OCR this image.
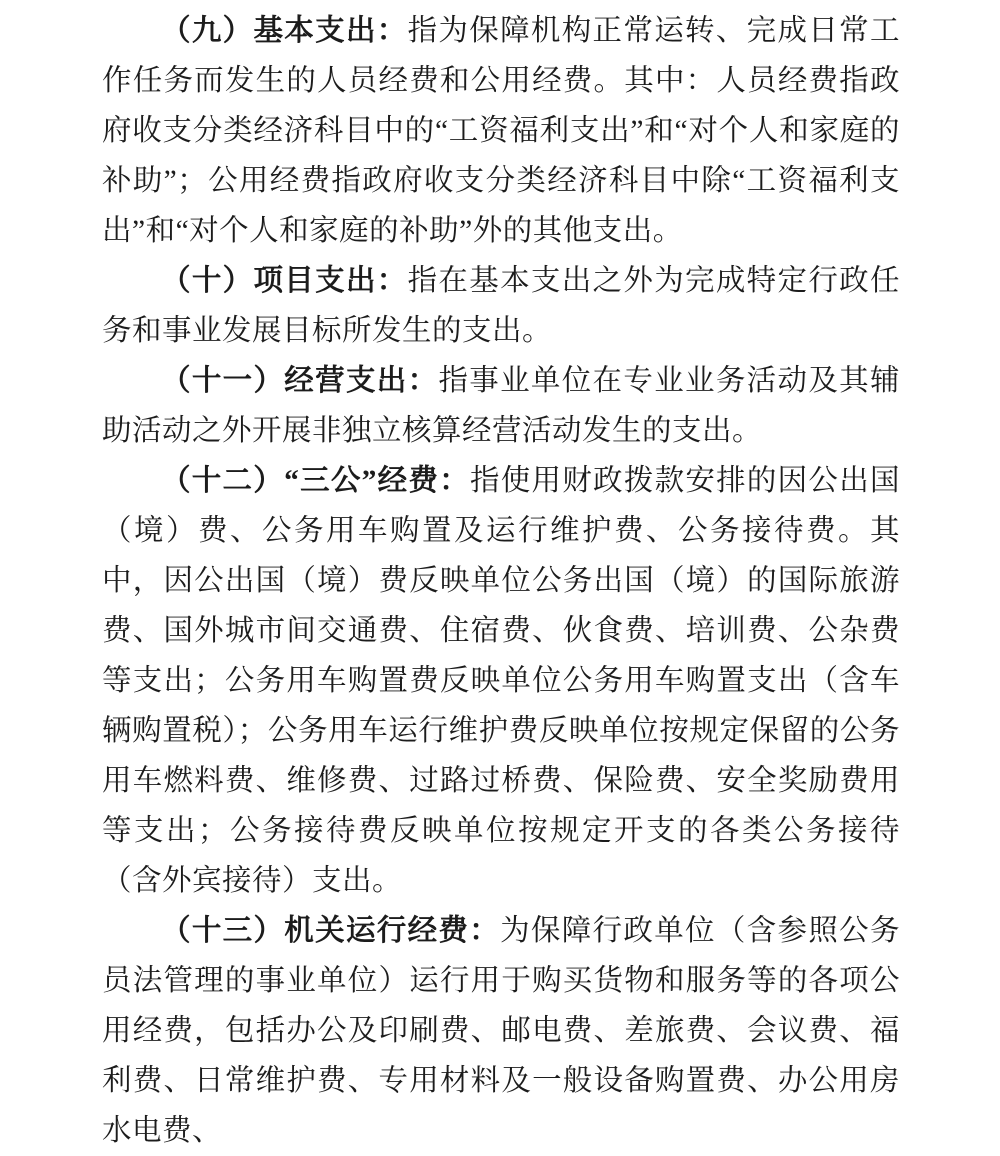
（九）基本支出：指为保障机构正常运转、完成日常工作任务而发生的人员经费和公用经费。其中：人员经费指政府收支分类经济科目中的“工资福利支出”和“对个人和家庭的补助”；公用经费指政府收支分类经济科目中除“工资福利支出”和“对个人和家庭的补助”外的其他支出。

（十）项目支出：指在基本支出之外为完成特定行政任务和事业发展目标所发生的支出。

（十一）经营支出：指事业单位在专业业务活动及其辅助活动之外开展非独立核算经营活动发生的支出。

（十二）“三公”经费：指使用财政拨款安排的因公出国（境）费、公务用车购置及运行维护费、公务接待费。其中，因公出国（境）费反映单位公务出国（境）的国际旅游费、国外城市间交通费、住宿费、伙食费、培训费、公杂费等支出；公务用车购置费反映单位公务用车购置支出（含车辆购置税）；公务用车运行维护费反映单位按规定保留的公务用车燃料费、维修费、过路过桥费、保险费、安全奖励费用等支出；公务接待费反映单位按规定开支的各类公务接待（含外宾接待）支出。

（十三）机关运行经费：为保障行政单位（含参照公务员法管理的事业单位）运行用于购买货物和服务等的各项公用经费，包括办公及印刷费、邮电费、差旅费、会议费、福利费、日常维护费、专用材料及一般设备购置费、办公用房水电费、
